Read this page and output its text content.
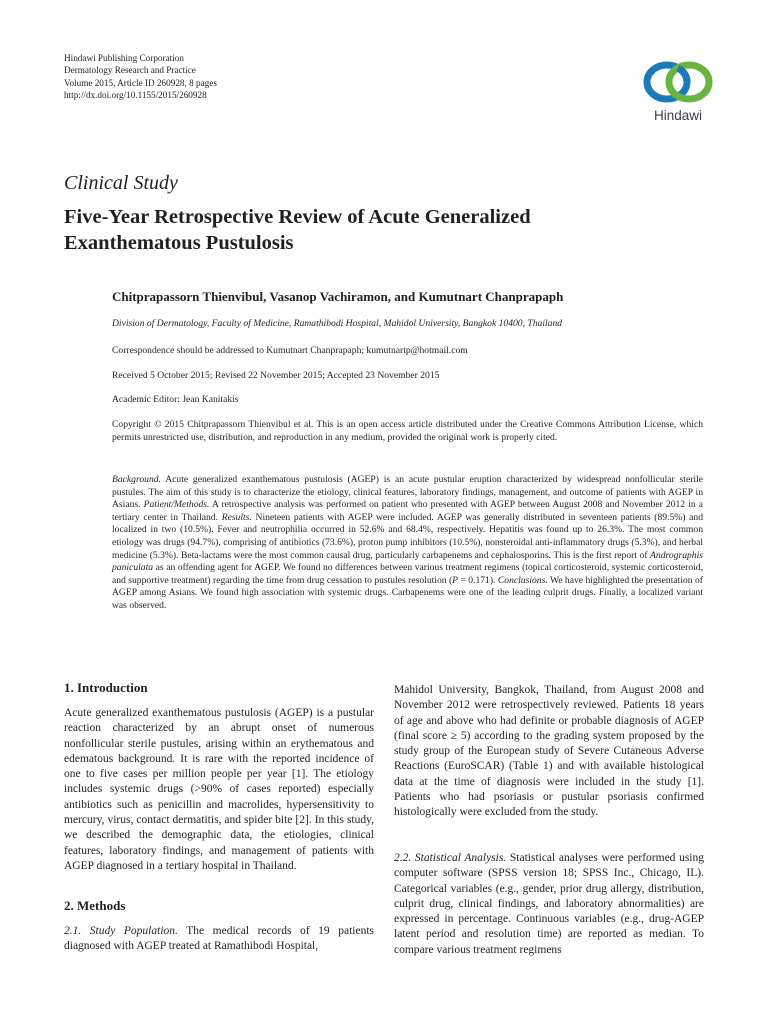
Hindawi Publishing Corporation
Dermatology Research and Practice
Volume 2015, Article ID 260928, 8 pages
http://dx.doi.org/10.1155/2015/260928
Hindawi
Clinical Study
Five-Year Retrospective Review of Acute Generalized
Exanthematous Pustulosis
Chitprapassorn Thienvibul, Vasanop Vachiramon, and Kumutnart Chanprapaph
Division of Dermatology, Faculty of Medicine, Ramathibodi Hospital, Mahidol University, Bangkok 10400, Thailand
Correspondence should be addressed to Kumutnart Chanprapaph; kumutnartp@hotmail.com
Received 5 October 2015; Revised 22 November 2015; Accepted 23 November 2015
Academic Editor: Jean Kanitakis
Copyright © 2015 Chitprapassorn Thienvibul et al. This is an open access article distributed under the Creative Commons Attribution License, which permits unrestricted use, distribution, and reproduction in any medium, provided the original work is properly cited.
Background. Acute generalized exanthematous pustulosis (AGEP) is an acute pustular eruption characterized by widespread nonfollicular sterile pustules. The aim of this study is to characterize the etiology, clinical features, laboratory findings, management, and outcome of patients with AGEP in Asians. Patient/Methods. A retrospective analysis was performed on patient who presented with AGEP between August 2008 and November 2012 in a tertiary center in Thailand. Results. Nineteen patients with AGEP were included. AGEP was generally distributed in seventeen patients (89.5%) and localized in two (10.5%). Fever and neutrophilia occurred in 52.6% and 68.4%, respectively. Hepatitis was found up to 26.3%. The most common etiology was drugs (94.7%), comprising of antibiotics (73.6%), proton pump inhibitors (10.5%), nonsteroidal anti-inflammatory drugs (5.3%), and herbal medicine (5.3%). Beta-lactams were the most common causal drug, particularly carbapenems and cephalosporins. This is the first report of Andrographis paniculata as an offending agent for AGEP. We found no differences between various treatment regimens (topical corticosteroid, systemic corticosteroid, and supportive treatment) regarding the time from drug cessation to pustules resolution (P = 0.171). Conclusions. We have highlighted the presentation of AGEP among Asians. We found high association with systemic drugs. Carbapenems were one of the leading culprit drugs. Finally, a localized variant was observed.
1. Introduction
Acute generalized exanthematous pustulosis (AGEP) is a pustular reaction characterized by an abrupt onset of numerous nonfollicular sterile pustules, arising within an erythematous and edematous background. It is rare with the reported incidence of one to five cases per million people per year [1]. The etiology includes systemic drugs (>90% of cases reported) especially antibiotics such as penicillin and macrolides, hypersensitivity to mercury, virus, contact dermatitis, and spider bite [2]. In this study, we described the demographic data, the etiologies, clinical features, laboratory findings, and management of patients with AGEP diagnosed in a tertiary hospital in Thailand.
2. Methods
2.1. Study Population. The medical records of 19 patients diagnosed with AGEP treated at Ramathibodi Hospital,
Mahidol University, Bangkok, Thailand, from August 2008 and November 2012 were retrospectively reviewed. Patients 18 years of age and above who had definite or probable diagnosis of AGEP (final score ≥ 5) according to the grading system proposed by the study group of the European study of Severe Cutaneous Adverse Reactions (EuroSCAR) (Table 1) and with available histological data at the time of diagnosis were included in the study [1]. Patients who had psoriasis or pustular psoriasis confirmed histologically were excluded from the study.
2.2. Statistical Analysis. Statistical analyses were performed using computer software (SPSS version 18; SPSS Inc., Chicago, IL). Categorical variables (e.g., gender, prior drug allergy, distribution, culprit drug, clinical findings, and laboratory abnormalities) are expressed in percentage. Continuous variables (e.g., drug-AGEP latent period and resolution time) are reported as median. To compare various treatment regimens
